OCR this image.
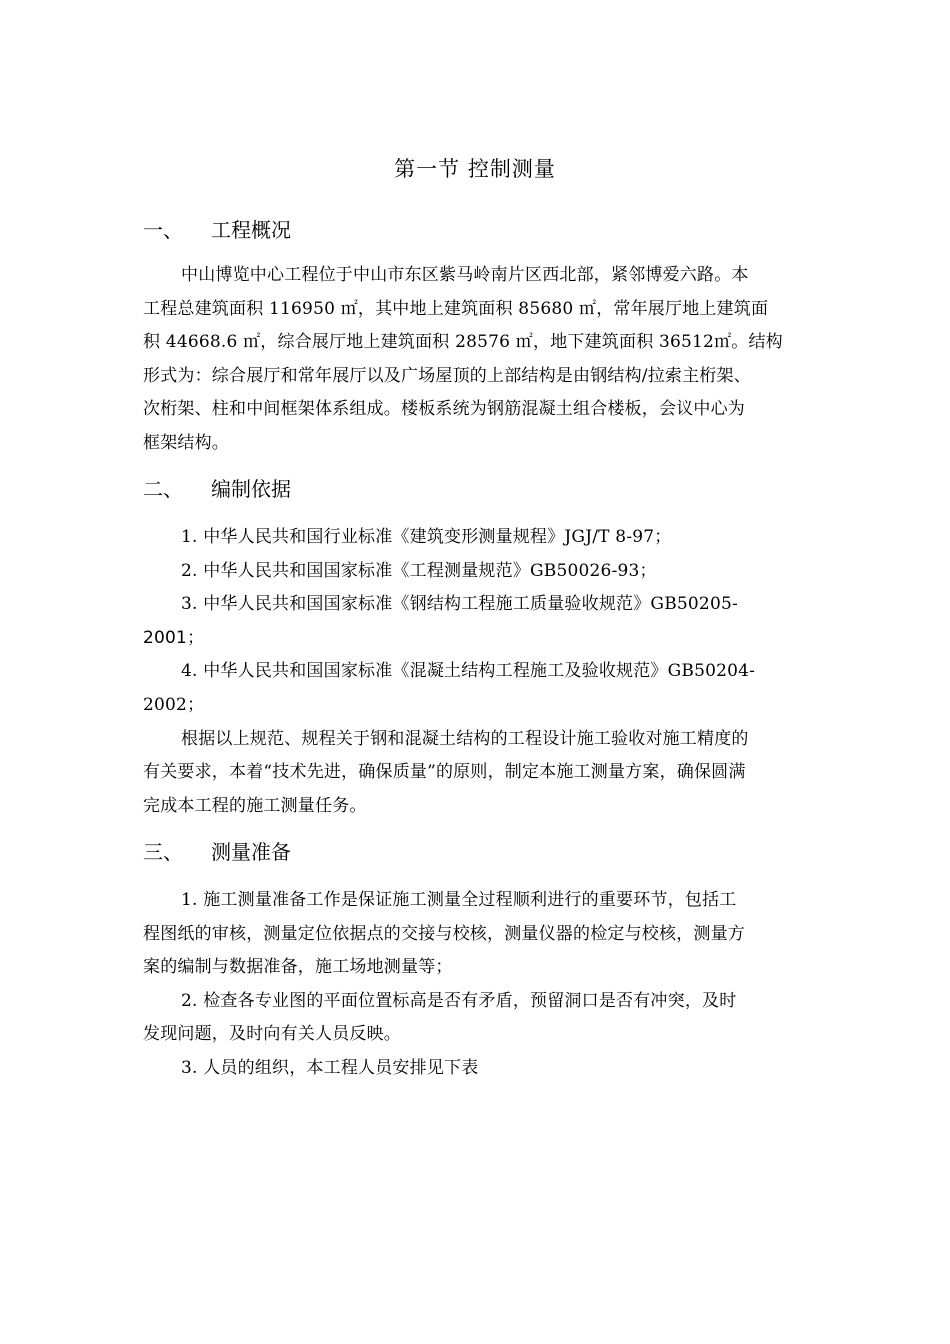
第一节 控制测量
一、 工程概况
中山博览中心工程位于中山市东区紫马岭南片区西北部，紧邻博爱六路。本
工程总建筑面积 116950 ㎡，其中地上建筑面积 85680 ㎡，常年展厅地上建筑面
积 44668.6 ㎡，综合展厅地上建筑面积 28576 ㎡，地下建筑面积 36512㎡。结构
形式为：综合展厅和常年展厅以及广场屋顶的上部结构是由钢结构/拉索主桁架、
次桁架、柱和中间框架体系组成。楼板系统为钢筋混凝土组合楼板，会议中心为
框架结构。
二、 编制依据
1. 中华人民共和国行业标准《建筑变形测量规程》JGJ/T 8-97；
2. 中华人民共和国国家标准《工程测量规范》GB50026-93；
3. 中华人民共和国国家标准《钢结构工程施工质量验收规范》GB50205-
2001；
4. 中华人民共和国国家标准《混凝土结构工程施工及验收规范》GB50204-
2002；
根据以上规范、规程关于钢和混凝土结构的工程设计施工验收对施工精度的
有关要求，本着“技术先进，确保质量”的原则，制定本施工测量方案，确保圆满
完成本工程的施工测量任务。
三、 测量准备
1. 施工测量准备工作是保证施工测量全过程顺利进行的重要环节，包括工
程图纸的审核，测量定位依据点的交接与校核，测量仪器的检定与校核，测量方
案的编制与数据准备，施工场地测量等；
2. 检查各专业图的平面位置标高是否有矛盾，预留洞口是否有冲突，及时
发现问题，及时向有关人员反映。
3. 人员的组织，本工程人员安排见下表
